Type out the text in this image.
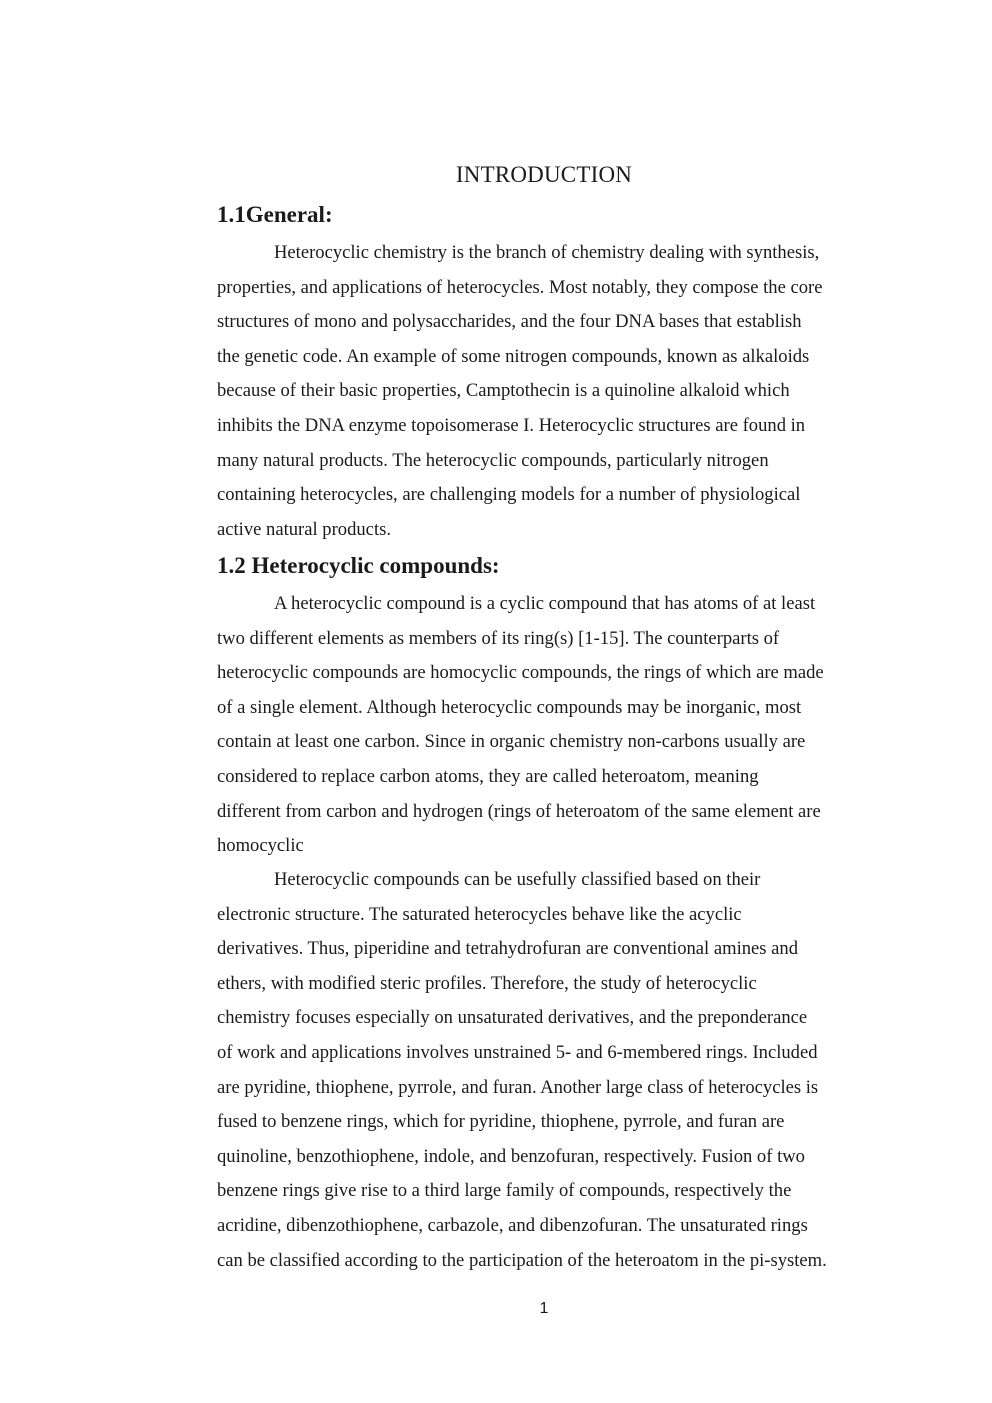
INTRODUCTION
1.1General:
Heterocyclic chemistry is the branch of chemistry dealing with synthesis,
properties, and applications of heterocycles. Most notably, they compose the core
structures of mono and polysaccharides, and the four DNA bases that establish
the genetic code. An example of some nitrogen compounds, known as alkaloids
because of their basic properties, Camptothecin is a quinoline alkaloid which
inhibits the DNA enzyme topoisomerase I. Heterocyclic structures are found in
many natural products. The heterocyclic compounds, particularly nitrogen
containing heterocycles, are challenging models for a number of physiological
active natural products.
1.2 Heterocyclic compounds:
A heterocyclic compound is a cyclic compound that has atoms of at least
two different elements as members of its ring(s) [1-15]. The counterparts of
heterocyclic compounds are homocyclic compounds, the rings of which are made
of a single element. Although heterocyclic compounds may be inorganic, most
contain at least one carbon. Since in organic chemistry non-carbons usually are
considered to replace carbon atoms, they are called heteroatom, meaning
different from carbon and hydrogen (rings of heteroatom of the same element are
homocyclic
Heterocyclic compounds can be usefully classified based on their
electronic structure. The saturated heterocycles behave like the acyclic
derivatives. Thus, piperidine and tetrahydrofuran are conventional amines and
ethers, with modified steric profiles. Therefore, the study of heterocyclic
chemistry focuses especially on unsaturated derivatives, and the preponderance
of work and applications involves unstrained 5- and 6-membered rings. Included
are pyridine, thiophene, pyrrole, and furan. Another large class of heterocycles is
fused to benzene rings, which for pyridine, thiophene, pyrrole, and furan are
quinoline, benzothiophene, indole, and benzofuran, respectively. Fusion of two
benzene rings give rise to a third large family of compounds, respectively the
acridine, dibenzothiophene, carbazole, and dibenzofuran. The unsaturated rings
can be classified according to the participation of the heteroatom in the pi-system.
1
